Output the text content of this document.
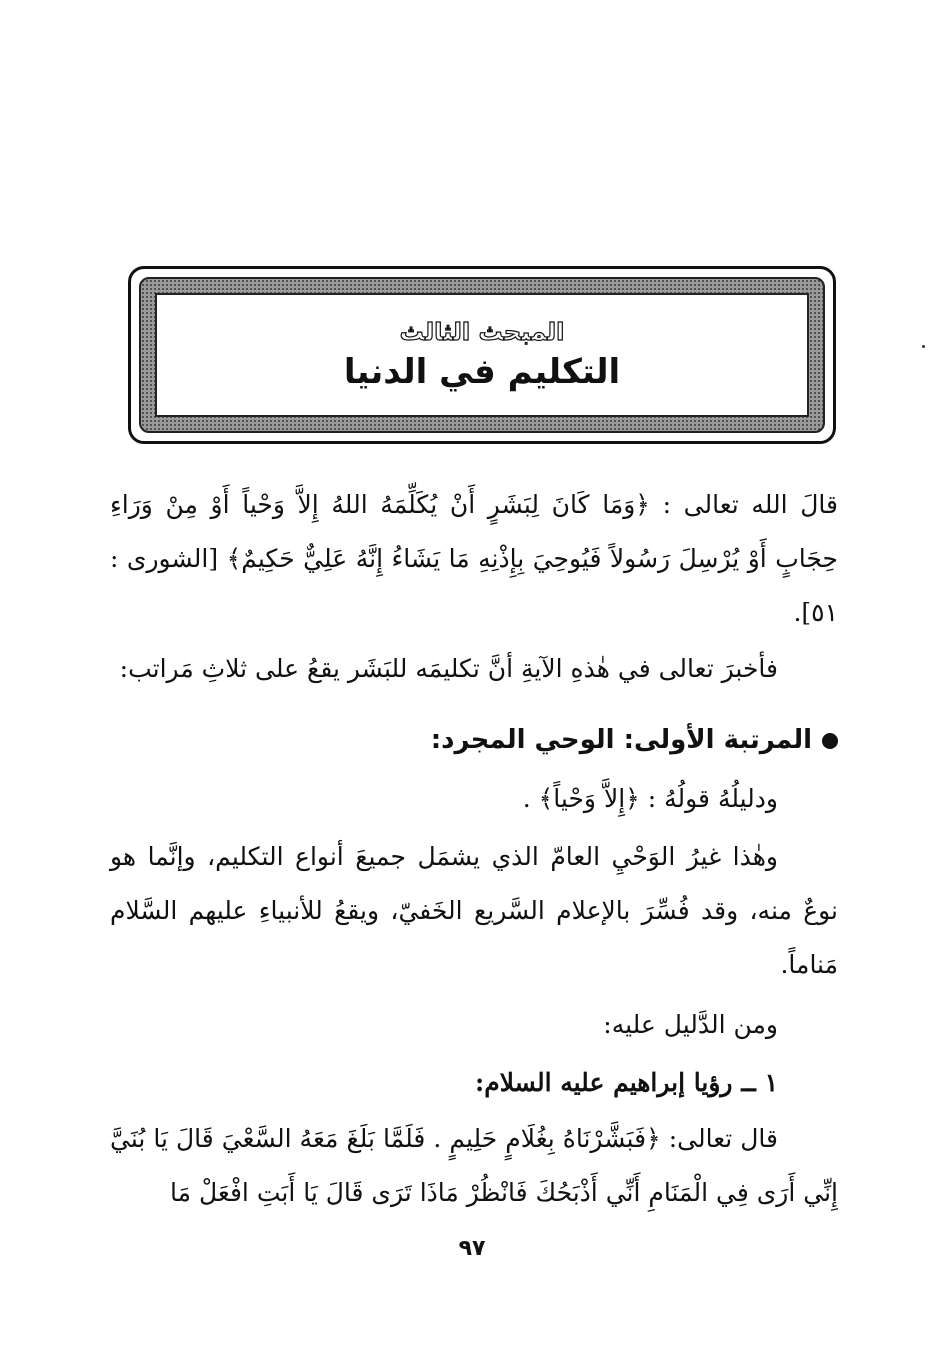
المبحث الثالث
التكليم في الدنيا
قالَ الله تعالى : ﴿وَمَا كَانَ لِبَشَرٍ أَنْ يُكَلِّمَهُ اللهُ إِلاَّ وَحْياً أَوْ مِنْ وَرَاءِ حِجَابٍ أَوْ يُرْسِلَ رَسُولاً فَيُوحِيَ بِإِذْنِهِ مَا يَشَاءُ إِنَّهُ عَلِيٌّ حَكِيمٌ﴾ [الشورى : ٥١].
فأخبرَ تعالى في هٰذهِ الآيةِ أنَّ تكليمَه للبَشَر يقعُ على ثلاثِ مَراتب:
المرتبة الأولى: الوحي المجرد:
ودليلُهُ قولُهُ : ﴿إِلاَّ وَحْياً﴾ .
وهٰذا غيرُ الوَحْيِ العامّ الذي يشمَل جميعَ أنواع التكليم، وإنَّما هو نوعٌ منه، وقد فُسِّرَ بالإعلام السَّريع الخَفيّ، ويقعُ للأنبياءِ عليهم السَّلام مَناماً.
ومن الدَّليل عليه:
١ ــ رؤيا إبراهيم عليه السلام:
قال تعالى: ﴿فَبَشَّرْنَاهُ بِغُلَامٍ حَلِيمٍ . فَلَمَّا بَلَغَ مَعَهُ السَّعْيَ قَالَ يَا بُنَيَّ إِنِّي أَرَى فِي الْمَنَامِ أَنِّي أَذْبَحُكَ فَانْظُرْ مَاذَا تَرَى قَالَ يَا أَبَتِ افْعَلْ مَا
٩٧
